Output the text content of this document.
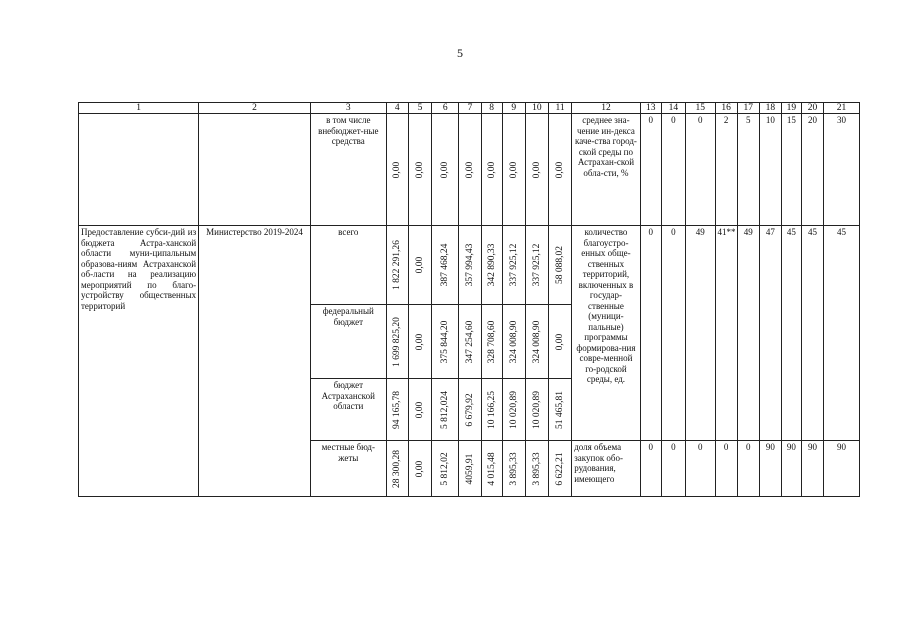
5
1	2	3	4	5	6	7	8	9	10	11	12	13	14	15	16	17	18	19	20	21
		в том числе внебюджет-ные средства	0,00	0,00	0,00	0,00	0,00	0,00	0,00	0,00	среднее зна-чение ин-декса каче-ства город-ской среды по Астрахан-ской обла-сти, %	0	0	0	2	5	10	15	20	30
Предоставление субси-дий из бюджета Астра-ханской области муни-ципальным образова-ниям Астраханской об-ласти на реализацию мероприятий по благо-устройству общественных территорий	Министерство 2019-2024	всего	1 822 291,26	0,00	387 468,24	357 994,43	342 890,33	337 925,12	337 925,12	58 088,02	количество благоустро-енных обще-ственных территорий, включенных в государ-ственные (муници-пальные) программы формирова-ния совре-менной го-родской среды, ед.	0	0	49	41**	49	47	45	45	45
		федеральный бюджет	1 699 825,20	0,00	375 844,20	347 254,60	328 708,60	324 008,90	324 008,90	0,00										

		бюджет Астраханской области	94 165,78	0,00	5 812,024	6 679,92	10 166,25	10 020,89	10 020,89	51 465,81										

		местные бюд-жеты	28 300,28	0,00	5 812,02	4059,91	4 015,48	3 895,33	3 895,33	6 622,21	доля объема закупок обо-рудования, имеющего	0	0	0	0	0	90	90	90	90
